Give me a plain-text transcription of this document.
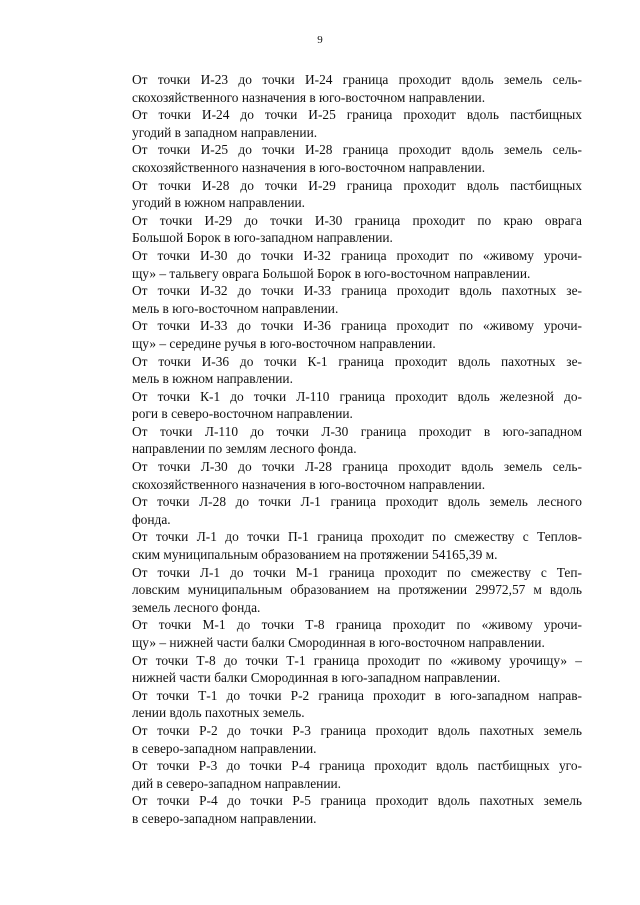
9

От точки И-23 до точки И-24 граница проходит вдоль земель сель-
скохозяйственного назначения в юго-восточном направлении.

От точки И-24 до точки И-25 граница проходит вдоль пастбищных
угодий в западном направлении.

От точки И-25 до точки И-28 граница проходит вдоль земель сель-
скохозяйственного назначения в юго-восточном направлении.

От точки И-28 до точки И-29 граница проходит вдоль пастбищных
угодий в южном направлении.

От точки И-29 до точки И-30 граница проходит по краю оврага
Большой Борок в юго-западном направлении.

От точки И-30 до точки И-32 граница проходит по «живому урочи-
щу» – тальвегу оврага Большой Борок в юго-восточном направлении.

От точки И-32 до точки И-33 граница проходит вдоль пахотных зе-
мель в юго-восточном направлении.

От точки И-33 до точки И-36 граница проходит по «живому урочи-
щу» – середине ручья в юго-восточном направлении.

От точки И-36 до точки К-1 граница проходит вдоль пахотных зе-
мель в южном направлении.

От точки К-1 до точки Л-110 граница проходит вдоль железной до-
роги в северо-восточном направлении.

От точки Л-110 до точки Л-30 граница проходит в юго-западном
направлении по землям лесного фонда.

От точки Л-30 до точки Л-28 граница проходит вдоль земель сель-
скохозяйственного назначения в юго-восточном направлении.

От точки Л-28 до точки Л-1 граница проходит вдоль земель лесного
фонда.

От точки Л-1 до точки П-1 граница проходит по смежеству с Теплов-
ским муниципальным образованием на протяжении 54165,39 м.

От точки Л-1 до точки М-1 граница проходит по смежеству с Теп-
ловским муниципальным образованием на протяжении 29972,57 м вдоль
земель лесного фонда.

От точки М-1 до точки Т-8 граница проходит по «живому урочи-
щу» – нижней части балки Смородинная в юго-восточном направлении.

От точки Т-8 до точки Т-1 граница проходит по «живому урочищу» –
нижней части балки Смородинная в юго-западном направлении.

От точки Т-1 до точки Р-2 граница проходит в юго-западном направ-
лении вдоль пахотных земель.

От точки Р-2 до точки Р-3 граница проходит вдоль пахотных земель
в северо-западном направлении.

От точки Р-3 до точки Р-4 граница проходит вдоль пастбищных уго-
дий в северо-западном направлении.

От точки Р-4 до точки Р-5 граница проходит вдоль пахотных земель
в северо-западном направлении.
